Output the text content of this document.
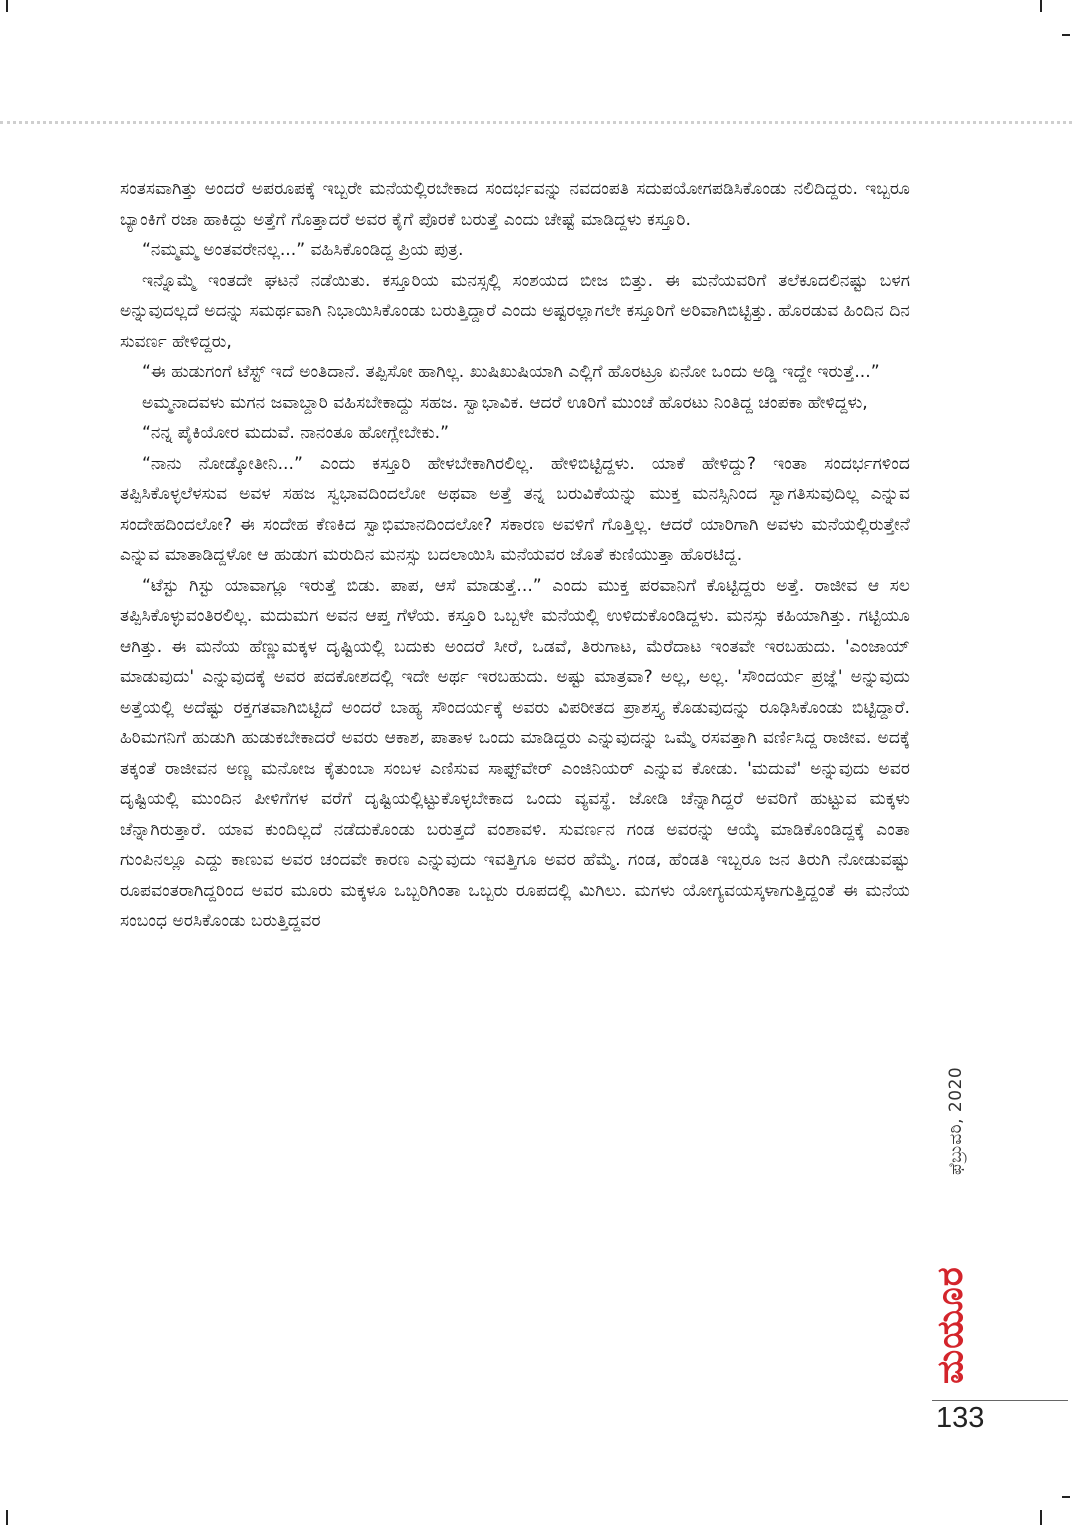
ಸಂತಸವಾಗಿತ್ತು ಅಂದರೆ ಅಪರೂಪಕ್ಕೆ ಇಬ್ಬರೇ ಮನೆಯಲ್ಲಿರಬೇಕಾದ ಸಂದರ್ಭವನ್ನು ನವದಂಪತಿ ಸದುಪಯೋಗಪಡಿಸಿಕೊಂಡು ನಲಿದಿದ್ದರು. ಇಬ್ಬರೂ ಬ್ಯಾಂಕಿಗೆ ರಜಾ ಹಾಕಿದ್ದು ಅತ್ತೆಗೆ ಗೊತ್ತಾದರೆ ಅವರ ಕೈಗೆ ಪೊರಕೆ ಬರುತ್ತೆ ಎಂದು ಚೇಷ್ಟೆ ಮಾಡಿದ್ದಳು ಕಸ್ತೂರಿ.

“ನಮ್ಮಮ್ಮ ಅಂತವರೇನಲ್ಲ...” ವಹಿಸಿಕೊಂಡಿದ್ದ ಪ್ರಿಯ ಪುತ್ರ.

ಇನ್ನೊಮ್ಮೆ ಇಂತದೇ ಘಟನೆ ನಡೆಯಿತು. ಕಸ್ತೂರಿಯ ಮನಸ್ಸಲ್ಲಿ ಸಂಶಯದ ಬೀಜ ಬಿತ್ತು. ಈ ಮನೆಯವರಿಗೆ ತಲೆಕೂದಲಿನಷ್ಟು ಬಳಗ ಅನ್ನುವುದಲ್ಲದೆ ಅದನ್ನು ಸಮರ್ಥವಾಗಿ ನಿಭಾಯಿಸಿಕೊಂಡು ಬರುತ್ತಿದ್ದಾರೆ ಎಂದು ಅಷ್ಟರಲ್ಲಾಗಲೇ ಕಸ್ತೂರಿಗೆ ಅರಿವಾಗಿಬಿಟ್ಟಿತ್ತು. ಹೊರಡುವ ಹಿಂದಿನ ದಿನ ಸುವರ್ಣ ಹೇಳಿದ್ದರು,

“ಈ ಹುಡುಗಂಗೆ ಟೆಸ್ಟ್ ಇದೆ ಅಂತಿದಾನೆ. ತಪ್ಪಿಸೋ ಹಾಗಿಲ್ಲ. ಖುಷಿಖುಷಿಯಾಗಿ ಎಲ್ಲಿಗೆ ಹೊರಟ್ರೂ ಏನೋ ಒಂದು ಅಡ್ಡಿ ಇದ್ದೇ ಇರುತ್ತೆ...”

ಅಮ್ಮನಾದವಳು ಮಗನ ಜವಾಬ್ದಾರಿ ವಹಿಸಬೇಕಾದ್ದು ಸಹಜ. ಸ್ವಾಭಾವಿಕ. ಆದರೆ ಊರಿಗೆ ಮುಂಚೆ ಹೊರಟು ನಿಂತಿದ್ದ ಚಂಪಕಾ ಹೇಳಿದ್ದಳು,

“ನನ್ನ ಪೈಕಿಯೋರ ಮದುವೆ. ನಾನಂತೂ ಹೋಗ್ಲೇಬೇಕು.”

“ನಾನು ನೋಡ್ಕೋತೀನಿ...” ಎಂದು ಕಸ್ತೂರಿ ಹೇಳಬೇಕಾಗಿರಲಿಲ್ಲ. ಹೇಳಿಬಿಟ್ಟಿದ್ದಳು. ಯಾಕೆ ಹೇಳಿದ್ದು? ಇಂತಾ ಸಂದರ್ಭಗಳಿಂದ ತಪ್ಪಿಸಿಕೊಳ್ಳಲೆಳಸುವ ಅವಳ ಸಹಜ ಸ್ವಭಾವದಿಂದಲೋ ಅಥವಾ ಅತ್ತೆ ತನ್ನ ಬರುವಿಕೆಯನ್ನು ಮುಕ್ತ ಮನಸ್ಸಿನಿಂದ ಸ್ವಾಗತಿಸುವುದಿಲ್ಲ ಎನ್ನುವ ಸಂದೇಹದಿಂದಲೋ? ಈ ಸಂದೇಹ ಕೆಣಕಿದ ಸ್ವಾಭಿಮಾನದಿಂದಲೋ? ಸಕಾರಣ ಅವಳಿಗೆ ಗೊತ್ತಿಲ್ಲ. ಆದರೆ ಯಾರಿಗಾಗಿ ಅವಳು ಮನೆಯಲ್ಲಿರುತ್ತೇನೆ ಎನ್ನುವ ಮಾತಾಡಿದ್ದಳೋ ಆ ಹುಡುಗ ಮರುದಿನ ಮನಸ್ಸು ಬದಲಾಯಿಸಿ ಮನೆಯವರ ಜೊತೆ ಕುಣಿಯುತ್ತಾ ಹೊರಟಿದ್ದ.

“ಟೆಸ್ಟು ಗಿಸ್ಟು ಯಾವಾಗ್ಲೂ ಇರುತ್ತೆ ಬಿಡು. ಪಾಪ, ಆಸೆ ಮಾಡುತ್ತೆ...” ಎಂದು ಮುಕ್ತ ಪರವಾನಿಗೆ ಕೊಟ್ಟಿದ್ದರು ಅತ್ತೆ. ರಾಜೀವ ಆ ಸಲ ತಪ್ಪಿಸಿಕೊಳ್ಳುವಂತಿರಲಿಲ್ಲ. ಮದುಮಗ ಅವನ ಆಪ್ತ ಗೆಳೆಯ. ಕಸ್ತೂರಿ ಒಬ್ಬಳೇ ಮನೆಯಲ್ಲಿ ಉಳಿದುಕೊಂಡಿದ್ದಳು. ಮನಸ್ಸು ಕಹಿಯಾಗಿತ್ತು. ಗಟ್ಟಿಯೂ ಆಗಿತ್ತು. ಈ ಮನೆಯ ಹೆಣ್ಣುಮಕ್ಕಳ ದೃಷ್ಟಿಯಲ್ಲಿ ಬದುಕು ಅಂದರೆ ಸೀರೆ, ಒಡವೆ, ತಿರುಗಾಟ, ಮೆರೆದಾಟ ಇಂತವೇ ಇರಬಹುದು. 'ಎಂಜಾಯ್ ಮಾಡುವುದು' ಎನ್ನುವುದಕ್ಕೆ ಅವರ ಪದಕೋಶದಲ್ಲಿ ಇದೇ ಅರ್ಥ ಇರಬಹುದು. ಅಷ್ಟು ಮಾತ್ರವಾ? ಅಲ್ಲ, ಅಲ್ಲ. 'ಸೌಂದರ್ಯ ಪ್ರಜ್ಞೆ' ಅನ್ನುವುದು ಅತ್ತೆಯಲ್ಲಿ ಅದೆಷ್ಟು ರಕ್ತಗತವಾಗಿಬಿಟ್ಟಿದೆ ಅಂದರೆ ಬಾಹ್ಯ ಸೌಂದರ್ಯಕ್ಕೆ ಅವರು ವಿಪರೀತದ ಪ್ರಾಶಸ್ತ್ಯ ಕೊಡುವುದನ್ನು ರೂಢಿಸಿಕೊಂಡು ಬಿಟ್ಟಿದ್ದಾರೆ. ಹಿರಿಮಗನಿಗೆ ಹುಡುಗಿ ಹುಡುಕಬೇಕಾದರೆ ಅವರು ಆಕಾಶ, ಪಾತಾಳ ಒಂದು ಮಾಡಿದ್ದರು ಎನ್ನುವುದನ್ನು ಒಮ್ಮೆ ರಸವತ್ತಾಗಿ ವರ್ಣಿಸಿದ್ದ ರಾಜೀವ. ಅದಕ್ಕೆ ತಕ್ಕಂತೆ ರಾಜೀವನ ಅಣ್ಣ ಮನೋಜ ಕೈತುಂಬಾ ಸಂಬಳ ಎಣಿಸುವ ಸಾಫ್ಟ್‌ವೇರ್ ಎಂಜಿನಿಯರ್ ಎನ್ನುವ ಕೋಡು. 'ಮದುವೆ' ಅನ್ನುವುದು ಅವರ ದೃಷ್ಟಿಯಲ್ಲಿ ಮುಂದಿನ ಪೀಳಿಗೆಗಳ ವರೆಗೆ ದೃಷ್ಟಿಯಲ್ಲಿಟ್ಟುಕೊಳ್ಳಬೇಕಾದ ಒಂದು ವ್ಯವಸ್ಥೆ. ಜೋಡಿ ಚೆನ್ನಾಗಿದ್ದರೆ ಅವರಿಗೆ ಹುಟ್ಟುವ ಮಕ್ಕಳು ಚೆನ್ನಾಗಿರುತ್ತಾರೆ. ಯಾವ ಕುಂದಿಲ್ಲದೆ ನಡೆದುಕೊಂಡು ಬರುತ್ತದೆ ವಂಶಾವಳಿ. ಸುವರ್ಣನ ಗಂಡ ಅವರನ್ನು ಆಯ್ಕೆ ಮಾಡಿಕೊಂಡಿದ್ದಕ್ಕೆ ಎಂತಾ ಗುಂಪಿನಲ್ಲೂ ಎದ್ದು ಕಾಣುವ ಅವರ ಚಂದವೇ ಕಾರಣ ಎನ್ನುವುದು ಇವತ್ತಿಗೂ ಅವರ ಹೆಮ್ಮೆ. ಗಂಡ, ಹೆಂಡತಿ ಇಬ್ಬರೂ ಜನ ತಿರುಗಿ ನೋಡುವಷ್ಟು ರೂಪವಂತರಾಗಿದ್ದರಿಂದ ಅವರ ಮೂರು ಮಕ್ಕಳೂ ಒಬ್ಬರಿಗಿಂತಾ ಒಬ್ಬರು ರೂಪದಲ್ಲಿ ಮಿಗಿಲು. ಮಗಳು ಯೋಗ್ಯವಯಸ್ಕಳಾಗುತ್ತಿದ್ದಂತೆ ಈ ಮನೆಯ ಸಂಬಂಧ ಅರಸಿಕೊಂಡು ಬರುತ್ತಿದ್ದವರ

ಫೆಬ್ರುವರಿ, 2020
ಮಯೂರ
133
